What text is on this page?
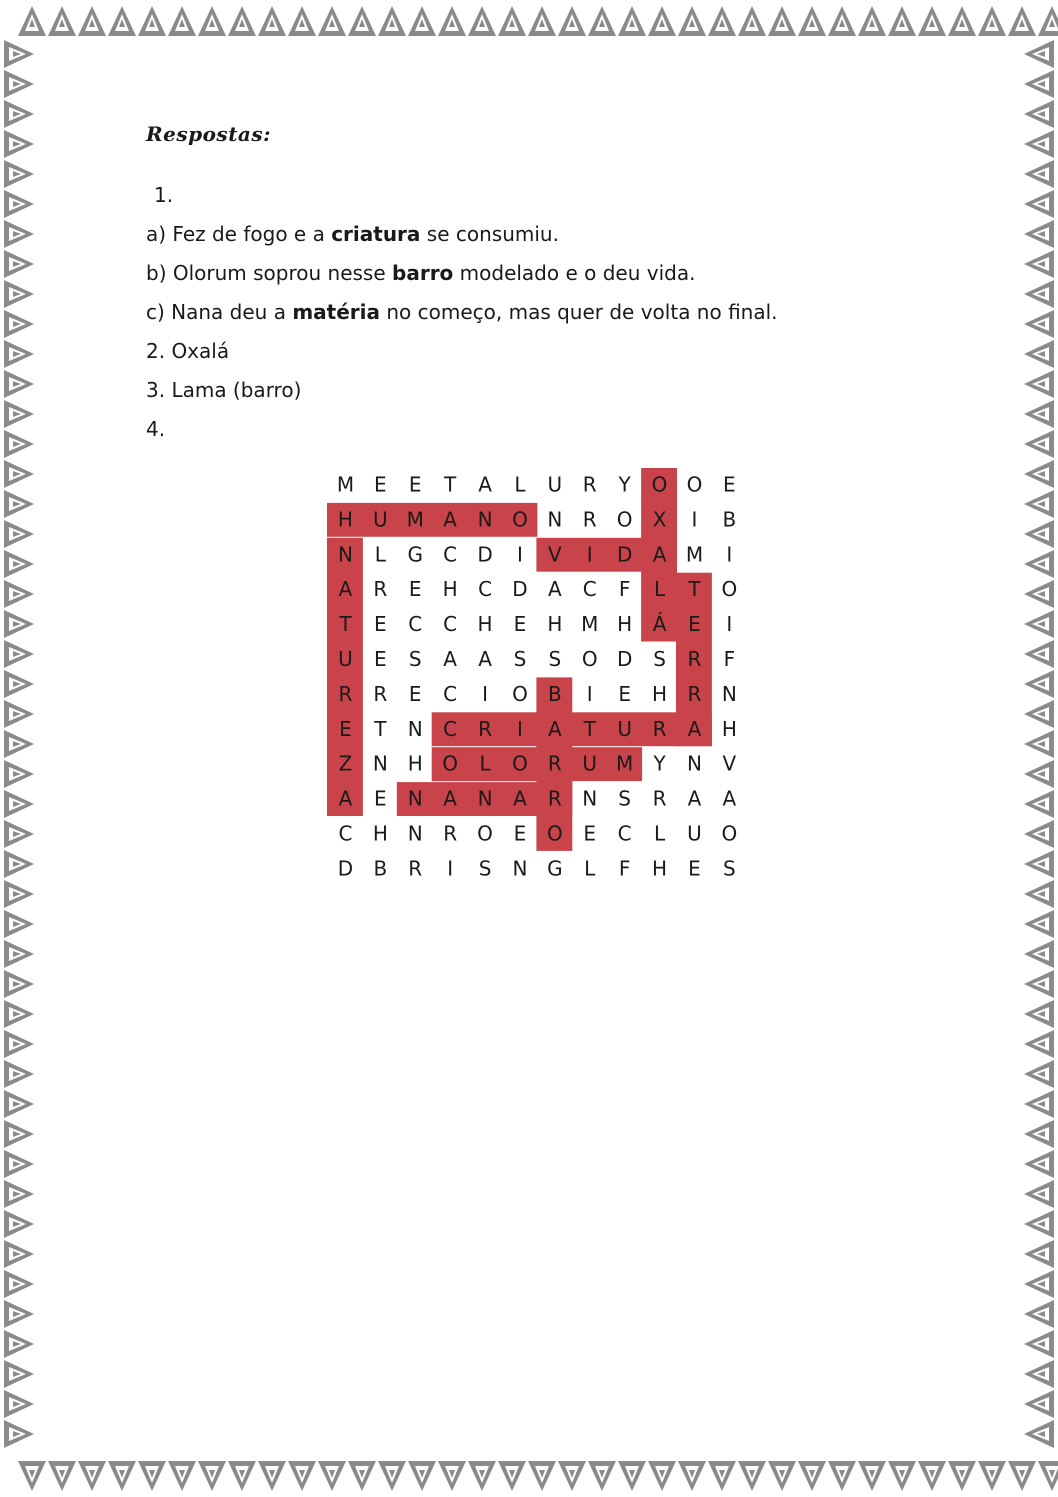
Respostas:
1.
a) Fez de fogo e a criatura se consumiu.
b) Olorum soprou nesse barro modelado e o deu vida.
c) Nana deu a matéria no começo, mas quer de volta no final.
2. Oxalá
3. Lama (barro)
4.
M E E T A L U R Y O O E
H U M A N O N R O X I B
N L G C D I V I D A M I
A R E H C D A C F L T O
T E C C H E H M H Á E I
U E S A A S S O D S R F
R R E C I O B I E H R N
E T N C R I A T U R A H
Z N H O L O R U M Y N V
A E N A N A R N S R A A
C H N R O E O E C L U O
D B R I S N G L F H E S
